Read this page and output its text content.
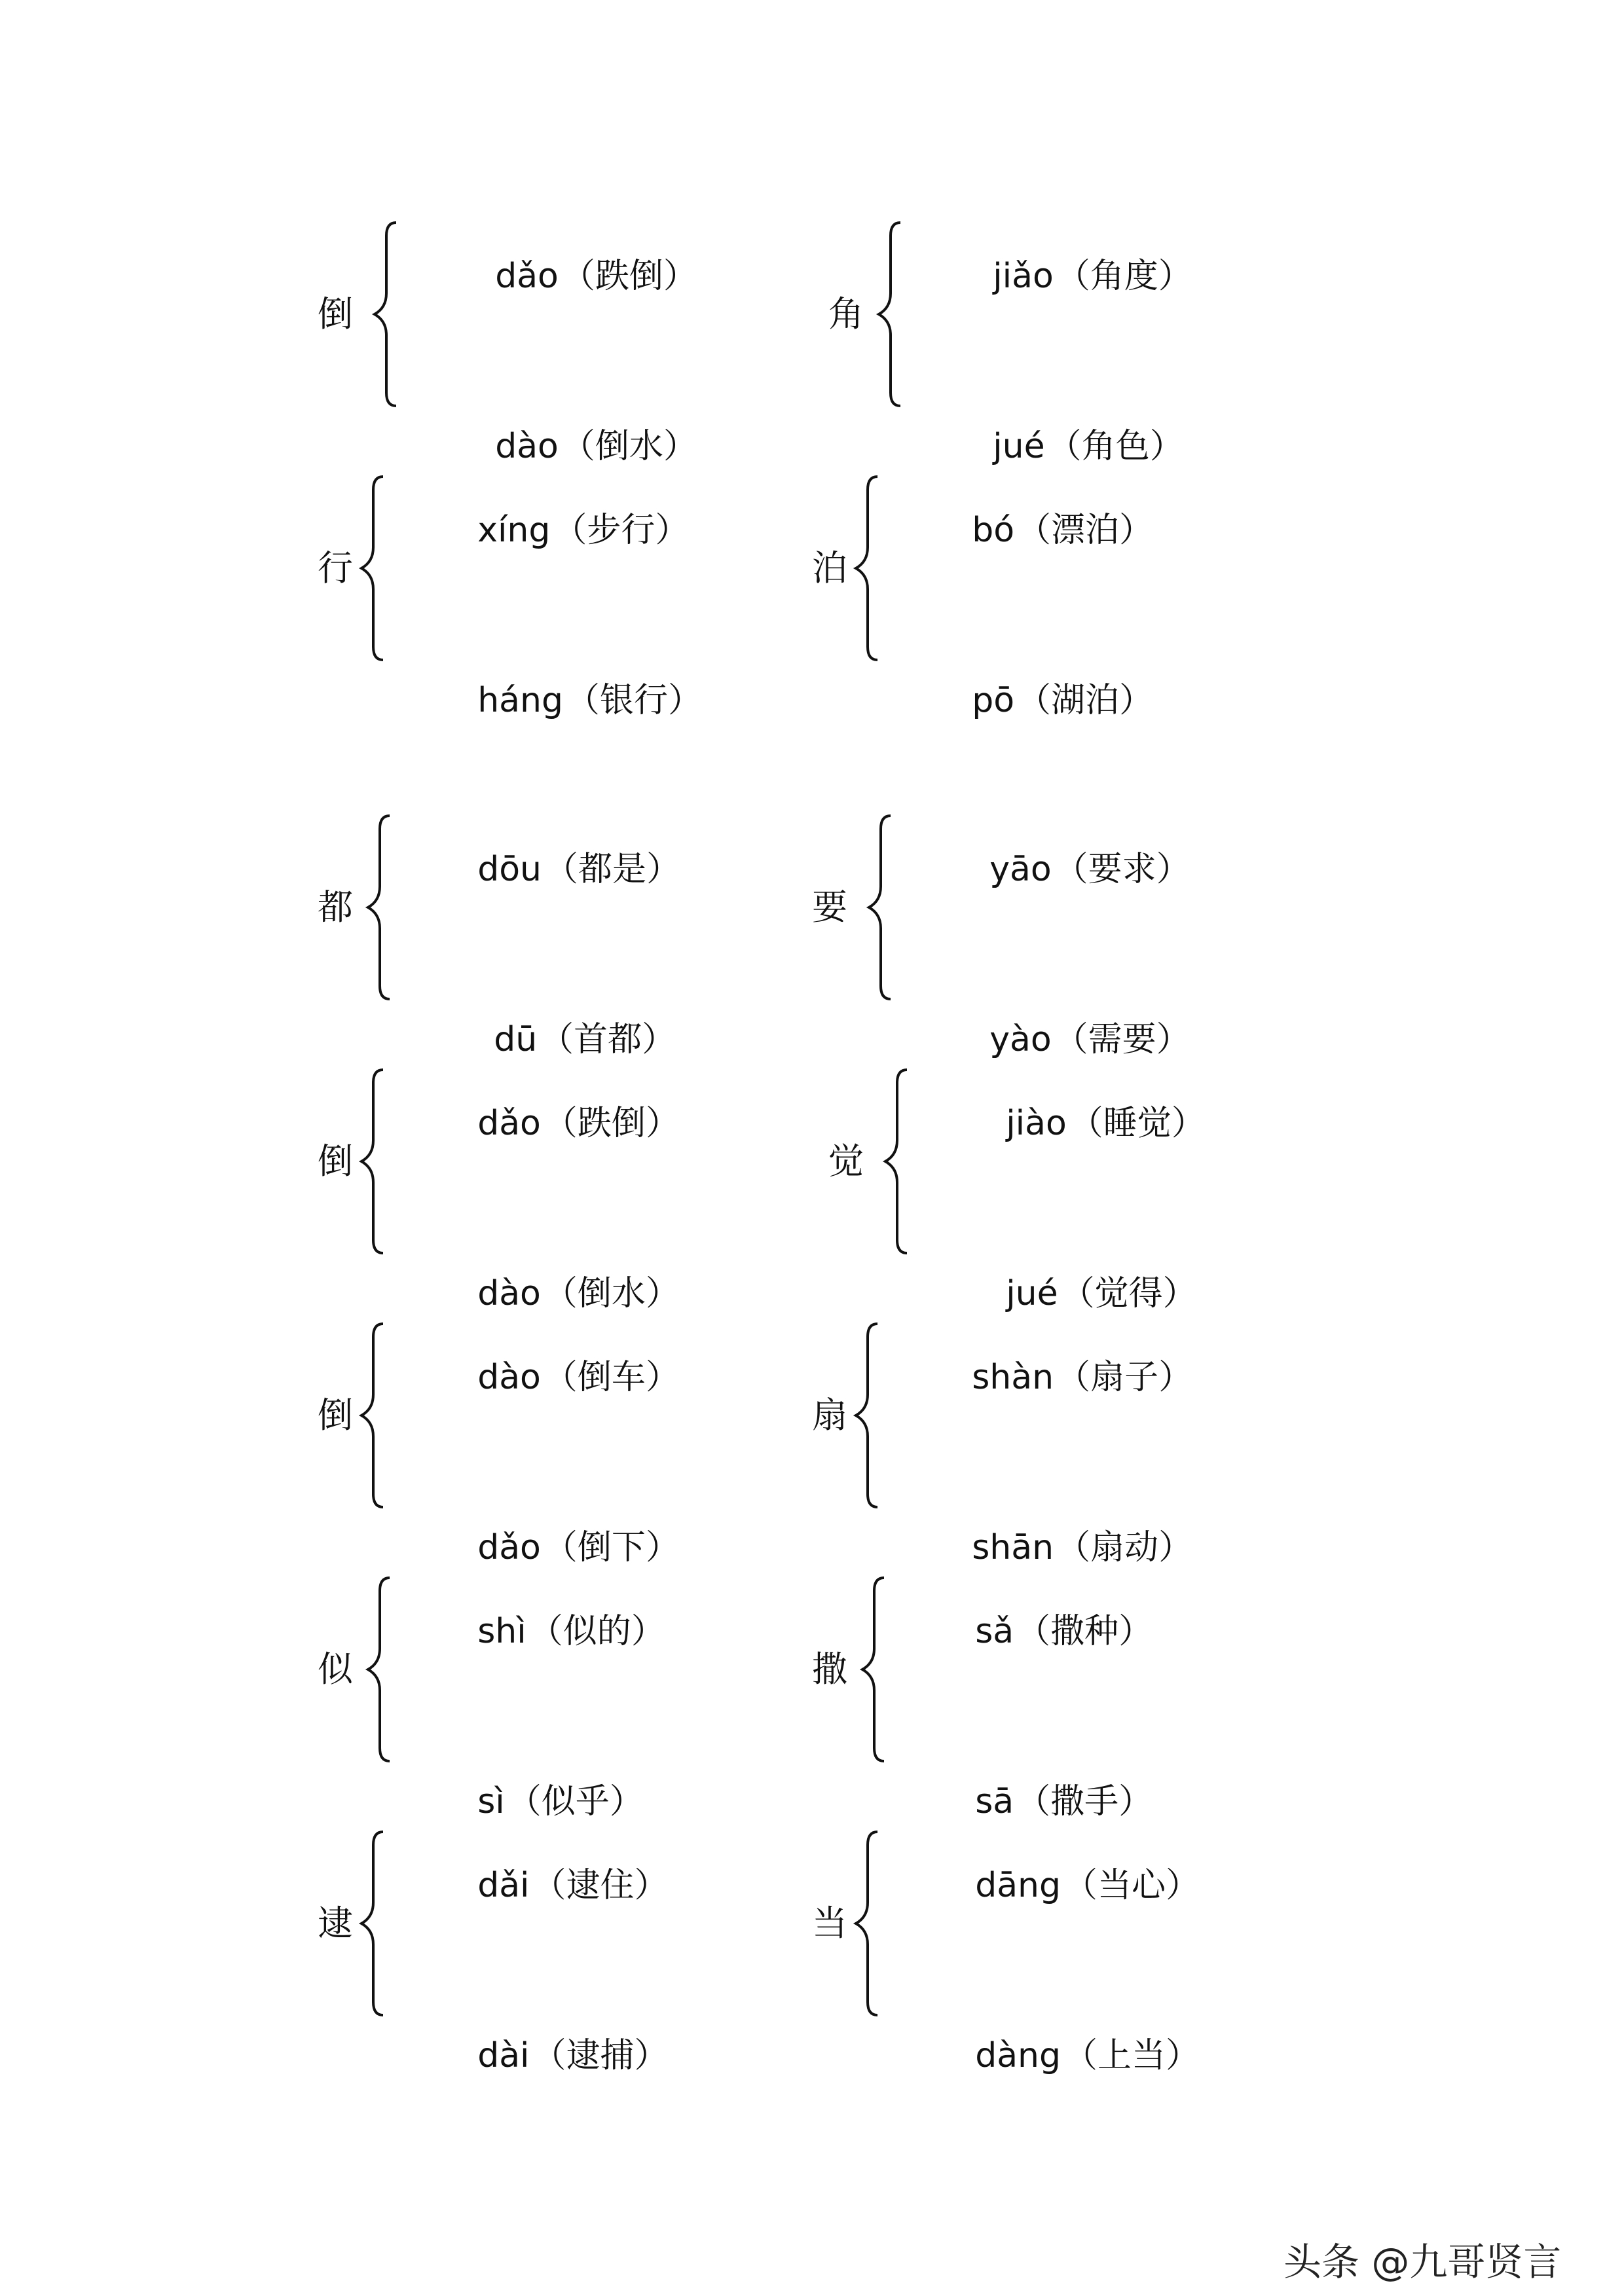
倒

dǎo（跌倒）

dào（倒水）

角

jiǎo（角度）

jué（角色）

行

xíng（步行）

háng（银行）

泊

bó（漂泊）

pō（湖泊）

都

dōu（都是）

dū（首都）

要

yāo（要求）

yào（需要）

倒

dǎo（跌倒）

dào（倒水）

觉

jiào（睡觉）

jué（觉得）

倒

dào（倒车）

dǎo（倒下）

扇

shàn（扇子）

shān（扇动）

似

shì（似的）

sì（似乎）

撒

sǎ（撒种）

sā（撒手）

逮

dǎi（逮住）

dài（逮捕）

当

dāng（当心）

dàng（上当）

头条 @九哥贤言
